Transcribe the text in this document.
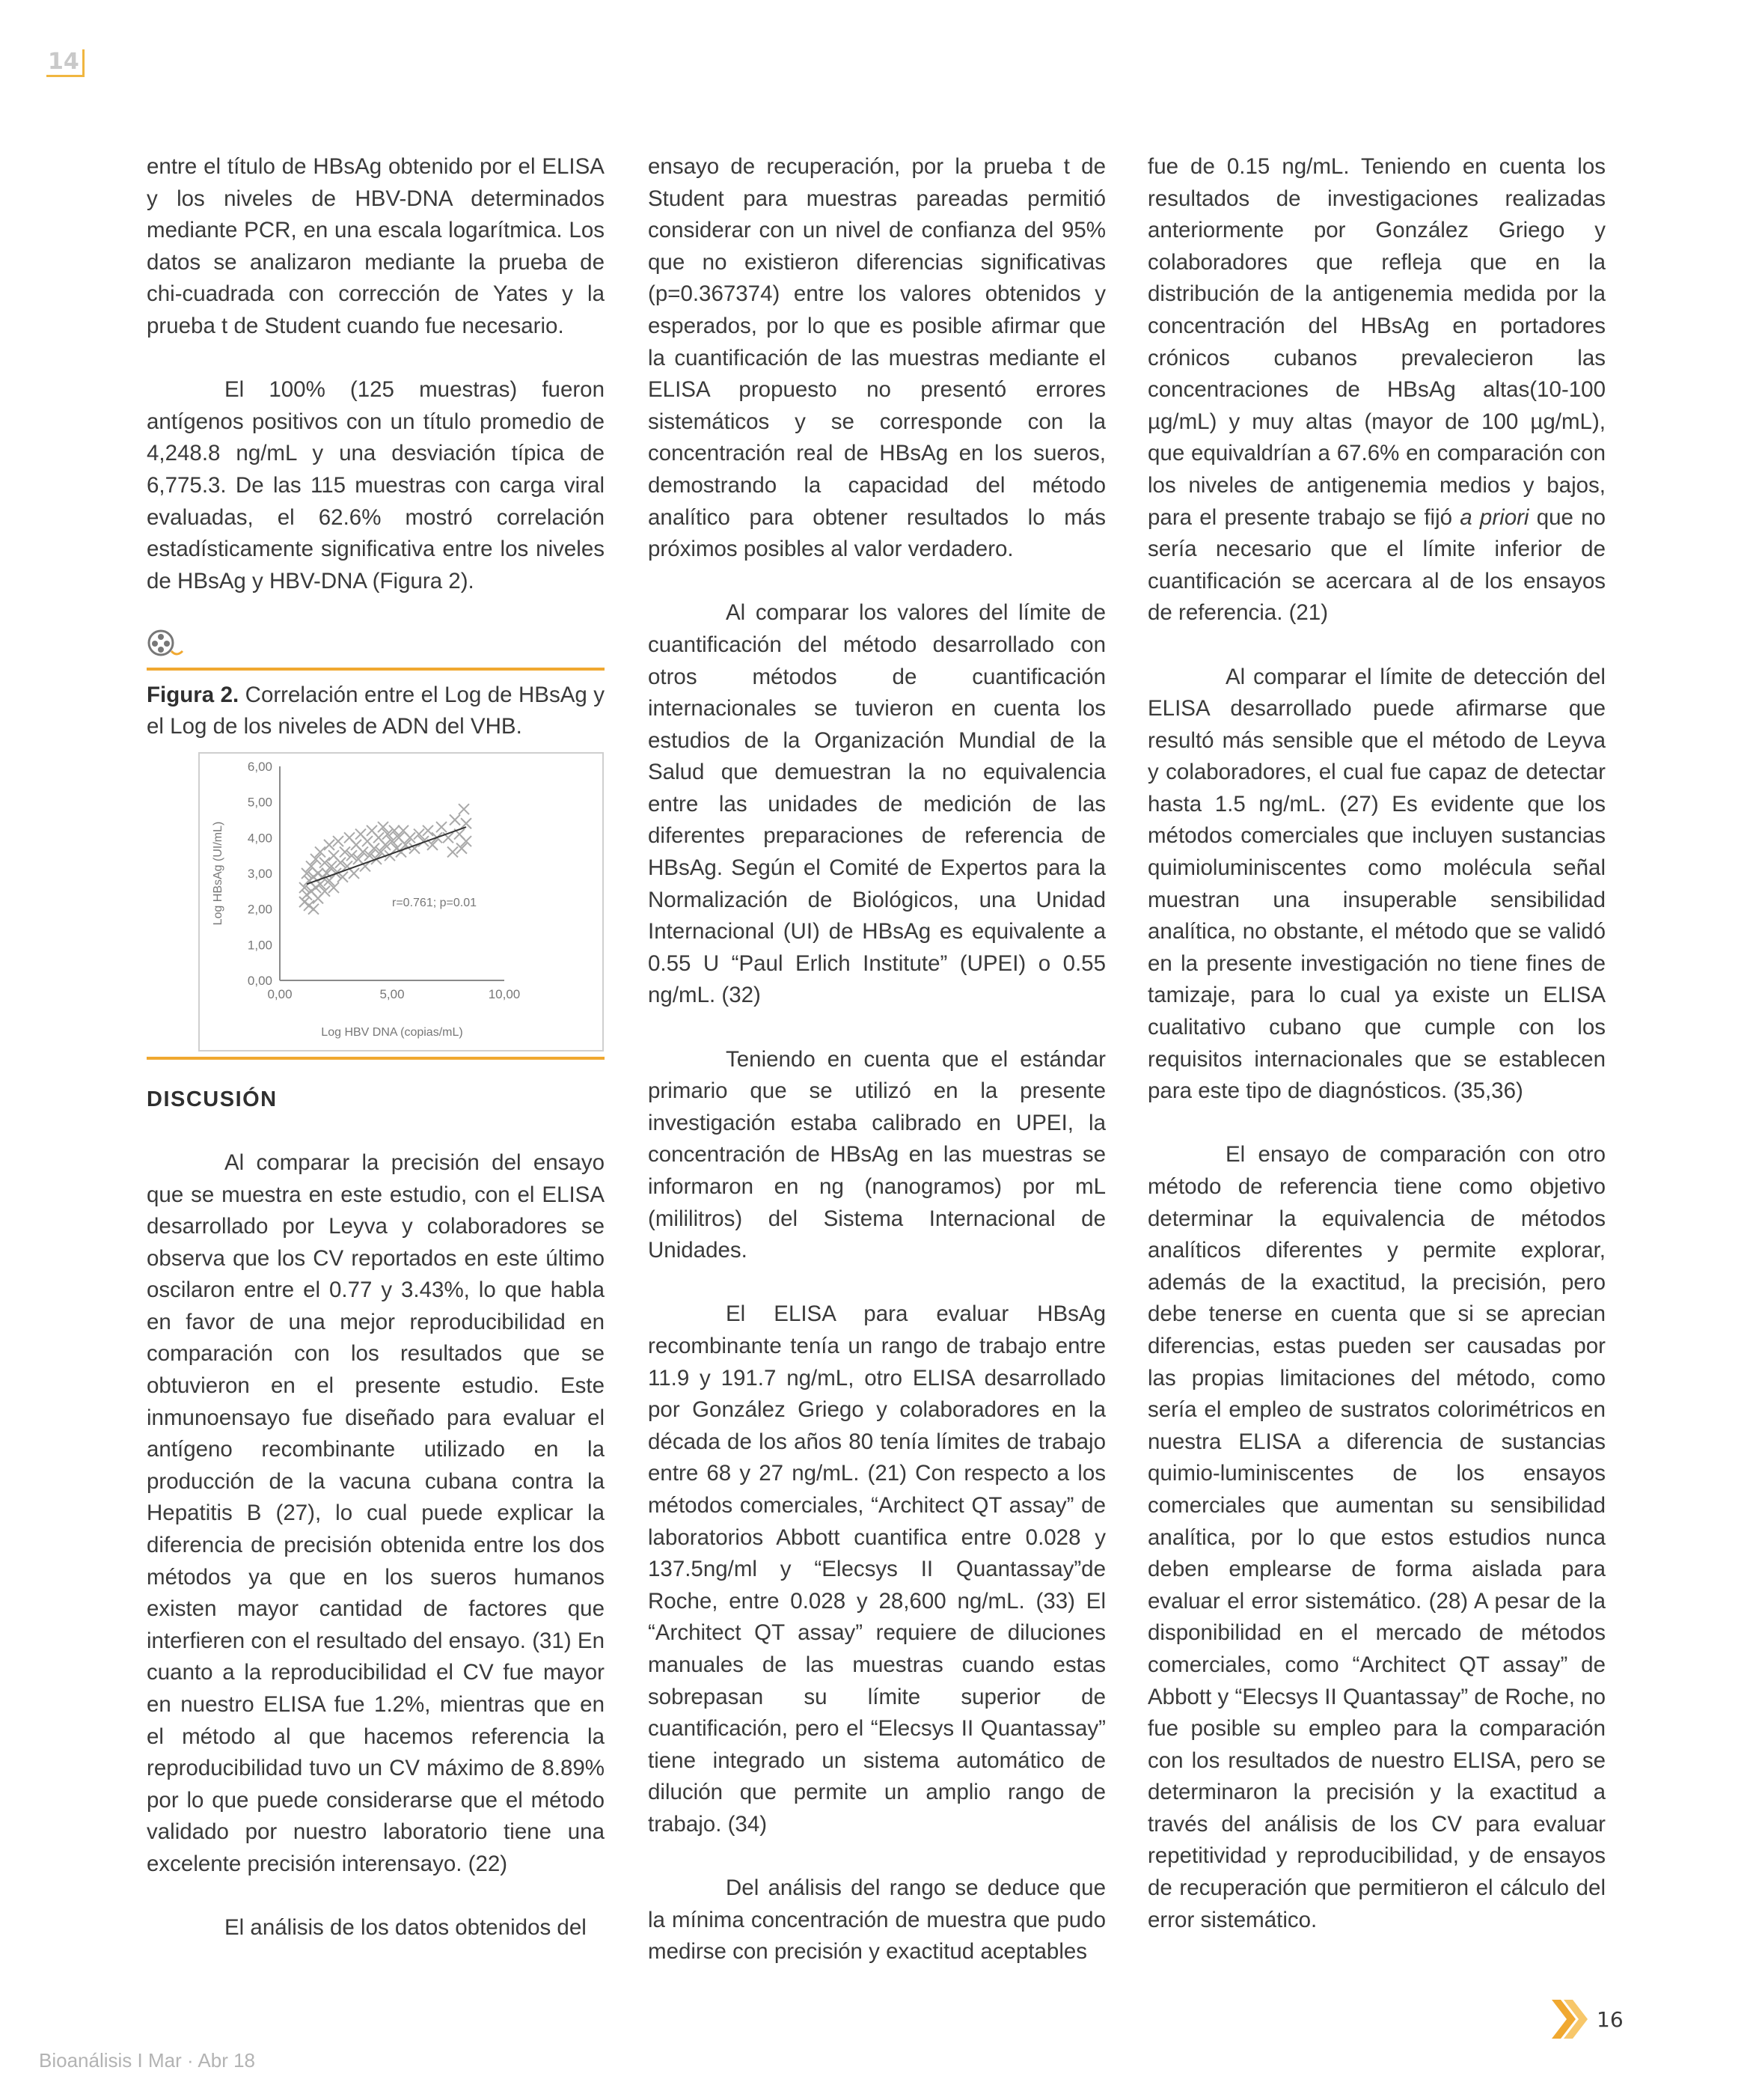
14

entre el título de HBsAg obtenido por el ELISA y los niveles de HBV-DNA determinados mediante PCR, en una escala logarítmica. Los datos se analizaron mediante la prueba de chi-cuadrada con corrección de Yates y la prueba t de Student cuando fue necesario.

El 100% (125 muestras) fueron antígenos positivos con un título promedio de 4,248.8 ng/mL y una desviación típica de 6,775.3. De las 115 muestras con carga viral evaluadas, el 62.6% mostró correlación estadísticamente significativa entre los niveles de HBsAg y HBV-DNA (Figura 2).

Figura 2. Correlación entre el Log de HBsAg y el Log de los niveles de ADN del VHB.
0,00
1,00
2,00
3,00
4,00
5,00
6,00
0,00	5,00	10,00
r=0.761; p=0.01
Log HBV DNA (copias/mL)
Log HBsAg (UI/mL)
DISCUSIÓN

Al comparar la precisión del ensayo que se muestra en este estudio, con el ELISA desarrollado por Leyva y colaboradores se observa que los CV reportados en este último oscilaron entre el 0.77 y 3.43%, lo que habla en favor de una mejor reproducibilidad en comparación con los resultados que se obtuvieron en el presente estudio. Este inmunoensayo fue diseñado para evaluar el antígeno recombinante utilizado en la producción de la vacuna cubana contra la Hepatitis B (27), lo cual puede explicar la diferencia de precisión obtenida entre los dos métodos ya que en los sueros humanos existen mayor cantidad de factores que interfieren con el resultado del ensayo. (31) En cuanto a la reproducibilidad el CV fue mayor en nuestro ELISA fue 1.2%, mientras que en el método al que hacemos referencia la reproducibilidad tuvo un CV máximo de 8.89% por lo que puede considerarse que el método validado por nuestro laboratorio tiene una excelente precisión interensayo. (22)

El análisis de los datos obtenidos del

ensayo de recuperación, por la prueba t de Student para muestras pareadas permitió considerar con un nivel de confianza del 95% que no existieron diferencias significativas (p=0.367374) entre los valores obtenidos y esperados, por lo que es posible afirmar que la cuantificación de las muestras mediante el ELISA propuesto no presentó errores sistemáticos y se corresponde con la concentración real de HBsAg en los sueros, demostrando la capacidad del método analítico para obtener resultados lo más próximos posibles al valor verdadero.

Al comparar los valores del límite de cuantificación del método desarrollado con otros métodos de cuantificación internacionales se tuvieron en cuenta los estudios de la Organización Mundial de la Salud que demuestran la no equivalencia entre las unidades de medición de las diferentes preparaciones de referencia de HBsAg. Según el Comité de Expertos para la Normalización de Biológicos, una Unidad Internacional (UI) de HBsAg es equivalente a 0.55 U “Paul Erlich Institute” (UPEI) o 0.55 ng/mL. (32)

Teniendo en cuenta que el estándar primario que se utilizó en la presente investigación estaba calibrado en UPEI, la concentración de HBsAg en las muestras se informaron en ng (nanogramos) por mL (mililitros) del Sistema Internacional de Unidades.

El ELISA para evaluar HBsAg recombinante tenía un rango de trabajo entre 11.9 y 191.7 ng/mL, otro ELISA desarrollado por González Griego y colaboradores en la década de los años 80 tenía límites de trabajo entre 68 y 27 ng/mL. (21) Con respecto a los métodos comerciales, “Architect QT assay” de laboratorios Abbott cuantifica entre 0.028 y 137.5ng/ml y “Elecsys II Quantassay”de Roche, entre 0.028 y 28,600 ng/mL. (33) El “Architect QT assay” requiere de diluciones manuales de las muestras cuando estas sobrepasan su límite superior de cuantificación, pero el “Elecsys II Quantassay” tiene integrado un sistema automático de dilución que permite un amplio rango de trabajo. (34)

Del análisis del rango se deduce que la mínima concentración de muestra que pudo medirse con precisión y exactitud aceptables

fue de 0.15 ng/mL. Teniendo en cuenta los resultados de investigaciones realizadas anteriormente por González Griego y colaboradores que refleja que en la distribución de la antigenemia medida por la concentración del HBsAg en portadores crónicos cubanos prevalecieron las concentraciones de HBsAg altas(10-100 µg/mL) y muy altas (mayor de 100 µg/mL), que equivaldrían a 67.6% en comparación con los niveles de antigenemia medios y bajos, para el presente trabajo se fijó a priori que no sería necesario que el límite inferior de cuantificación se acercara al de los ensayos de referencia. (21)

Al comparar el límite de detección del ELISA desarrollado puede afirmarse que resultó más sensible que el método de Leyva y colaboradores, el cual fue capaz de detectar hasta 1.5 ng/mL. (27) Es evidente que los métodos comerciales que incluyen sustancias quimioluminiscentes como molécula señal muestran una insuperable sensibilidad analítica, no obstante, el método que se validó en la presente investigación no tiene fines de tamizaje, para lo cual ya existe un ELISA cualitativo cubano que cumple con los requisitos internacionales que se establecen para este tipo de diagnósticos. (35,36)

El ensayo de comparación con otro método de referencia tiene como objetivo determinar la equivalencia de métodos analíticos diferentes y permite explorar, además de la exactitud, la precisión, pero debe tenerse en cuenta que si se aprecian diferencias, estas pueden ser causadas por las propias limitaciones del método, como sería el empleo de sustratos colorimétricos en nuestra ELISA a diferencia de sustancias quimio-luminiscentes de los ensayos comerciales que aumentan su sensibilidad analítica, por lo que estos estudios nunca deben emplearse de forma aislada para evaluar el error sistemático. (28) A pesar de la disponibilidad en el mercado de métodos comerciales, como “Architect QT assay” de Abbott y “Elecsys II Quantassay” de Roche, no fue posible su empleo para la comparación con los resultados de nuestro ELISA, pero se determinaron la precisión y la exactitud a través del análisis de los CV para evaluar repetitividad y reproducibilidad, y de ensayos de recuperación que permitieron el cálculo del error sistemático.

Bioanálisis I Mar · Abr 18
16
